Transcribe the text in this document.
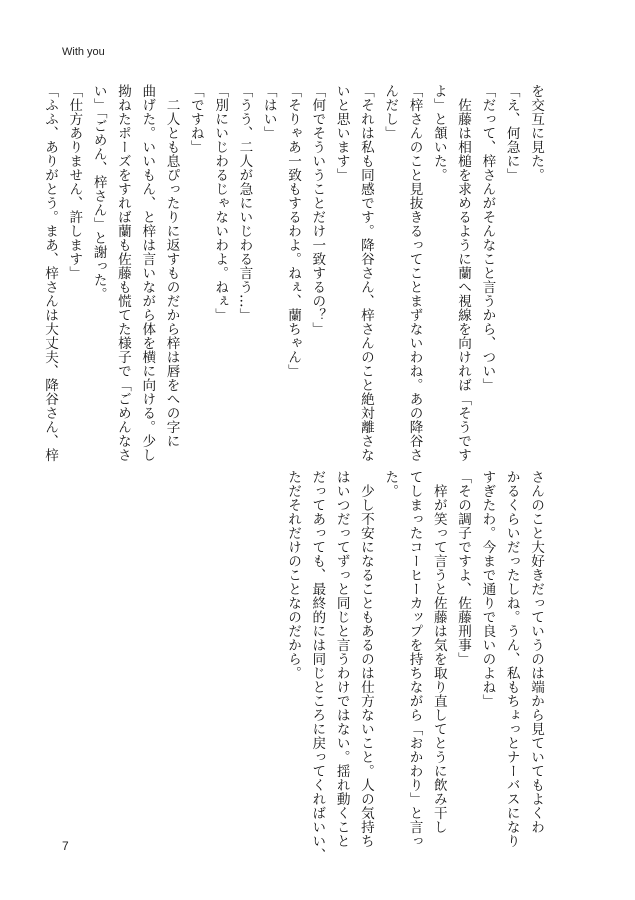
With you
を交互に見た。
「え、何急に」
「だって、梓さんがそんなこと言うから、つい」
　佐藤は相槌を求めるように蘭へ視線を向ければ「そうです
よ」と頷いた。
「梓さんのこと見抜きるってことまずないわね。あの降谷さ
んだし」
「それは私も同感です。降谷さん、梓さんのこと絶対離さな
いと思います」
「何でそういうことだけ一致するの？」
「そりゃあ一致もするわよ。ねぇ、蘭ちゃん」
「はい」
「うう、二人が急にいじわる言う…」
「別にいじわるじゃないわよ。ねぇ」
「ですね」
　二人とも息ぴったりに返すものだから梓は唇をへの字に
曲げた。いいもん、と梓は言いながら体を横に向ける。少し
拗ねたポーズをすれば蘭も佐藤も慌てた様子で「ごめんなさ
い」「ごめん、梓さん」と謝った。
「仕方ありません、許します」
「ふふ、ありがとう。まあ、梓さんは大丈夫、降谷さん、梓
さんのこと大好きだっていうのは端から見ていてもよくわ
かるくらいだったしね。うん、私もちょっとナーバスになり
すぎたわ。今まで通りで良いのよね」
「その調子ですよ、佐藤刑事」
　梓が笑って言うと佐藤は気を取り直してとうに飲み干し
てしまったコーヒーカップを持ちながら「おかわり」と言っ
た。
　少し不安になることもあるのは仕方ないこと。人の気持ち
はいつだってずっと同じと言うわけではない。揺れ動くこと
だってあっても、最終的には同じところに戻ってくればいい、
ただそれだけのことなのだから。
7
